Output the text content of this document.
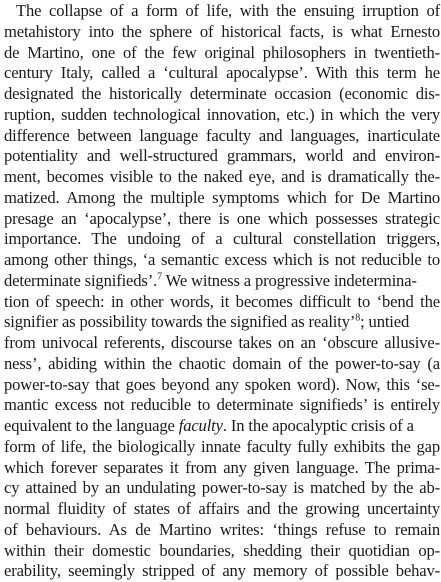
The collapse of a form of life, with the ensuing irruption of
metahistory into the sphere of historical facts, is what Ernesto
de Martino, one of the few original philosophers in twentieth-
century Italy, called a ‘cultural apocalypse’. With this term he
designated the historically determinate occasion (economic dis-
ruption, sudden technological innovation, etc.) in which the very
difference between language faculty and languages, inarticulate
potentiality and well-structured grammars, world and environ-
ment, becomes visible to the naked eye, and is dramatically the-
matized. Among the multiple symptoms which for De Martino
presage an ‘apocalypse’, there is one which possesses strategic
importance. The undoing of a cultural constellation triggers,
among other things, ‘a semantic excess which is not reducible to
determinate signifieds’.$^7$ We witness a progressive indetermina-
tion of speech: in other words, it becomes difficult to ‘bend the
signifier as possibility towards the signified as reality’$^8$; untied
from univocal referents, discourse takes on an ‘obscure allusive-
ness’, abiding within the chaotic domain of the power-to-say (a
power-to-say that goes beyond any spoken word). Now, this ‘se-
mantic excess not reducible to determinate signifieds’ is entirely
equivalent to the language faculty. In the apocalyptic crisis of a
form of life, the biologically innate faculty fully exhibits the gap
which forever separates it from any given language. The prima-
cy attained by an undulating power-to-say is matched by the ab-
normal fluidity of states of affairs and the growing uncertainty
of behaviours. As de Martino writes: ‘things refuse to remain
within their domestic boundaries, shedding their quotidian op-
erability, seemingly stripped of any memory of possible behav-
